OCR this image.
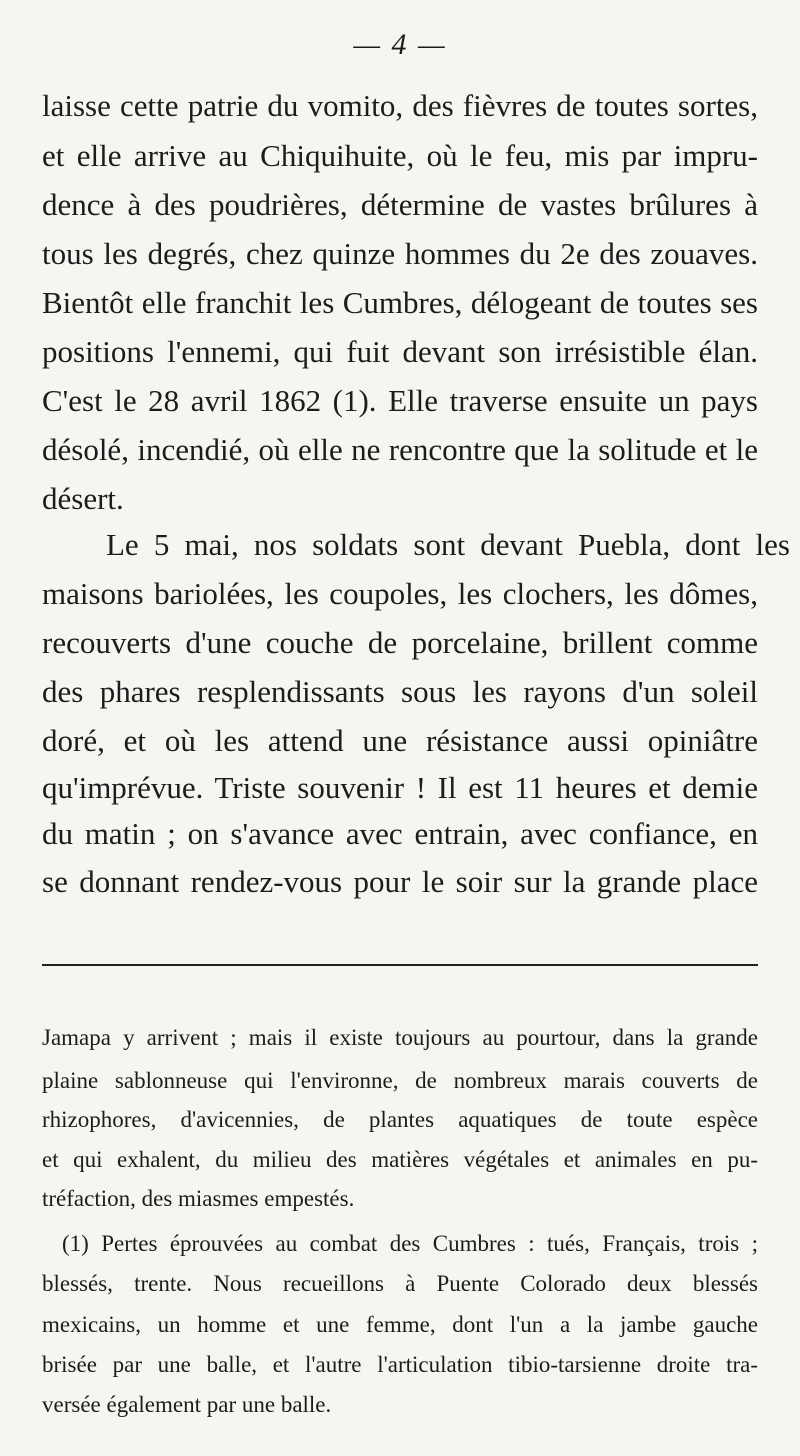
— 4 —
laisse cette patrie du vomito, des fièvres de toutes sortes,
et elle arrive au Chiquihuite, où le feu, mis par impru-
dence à des poudrières, détermine de vastes brûlures à
tous les degrés, chez quinze hommes du 2e des zouaves.
Bientôt elle franchit les Cumbres, délogeant de toutes ses
positions l'ennemi, qui fuit devant son irrésistible élan.
C'est le 28 avril 1862 (1). Elle traverse ensuite un pays
désolé, incendié, où elle ne rencontre que la solitude et le
désert.
Le 5 mai, nos soldats sont devant Puebla, dont les
maisons bariolées, les coupoles, les clochers, les dômes,
recouverts d'une couche de porcelaine, brillent comme
des phares resplendissants sous les rayons d'un soleil
doré, et où les attend une résistance aussi opiniâtre
qu'imprévue. Triste souvenir ! Il est 11 heures et demie
du matin ; on s'avance avec entrain, avec confiance, en
se donnant rendez-vous pour le soir sur la grande place
Jamapa y arrivent ; mais il existe toujours au pourtour, dans la grande
plaine sablonneuse qui l'environne, de nombreux marais couverts de
rhizophores, d'avicennies, de plantes aquatiques de toute espèce
et qui exhalent, du milieu des matières végétales et animales en pu-
tréfaction, des miasmes empestés.
(1) Pertes éprouvées au combat des Cumbres : tués, Français, trois ;
blessés, trente. Nous recueillons à Puente Colorado deux blessés
mexicains, un homme et une femme, dont l'un a la jambe gauche
brisée par une balle, et l'autre l'articulation tibio-tarsienne droite tra-
versée également par une balle.
